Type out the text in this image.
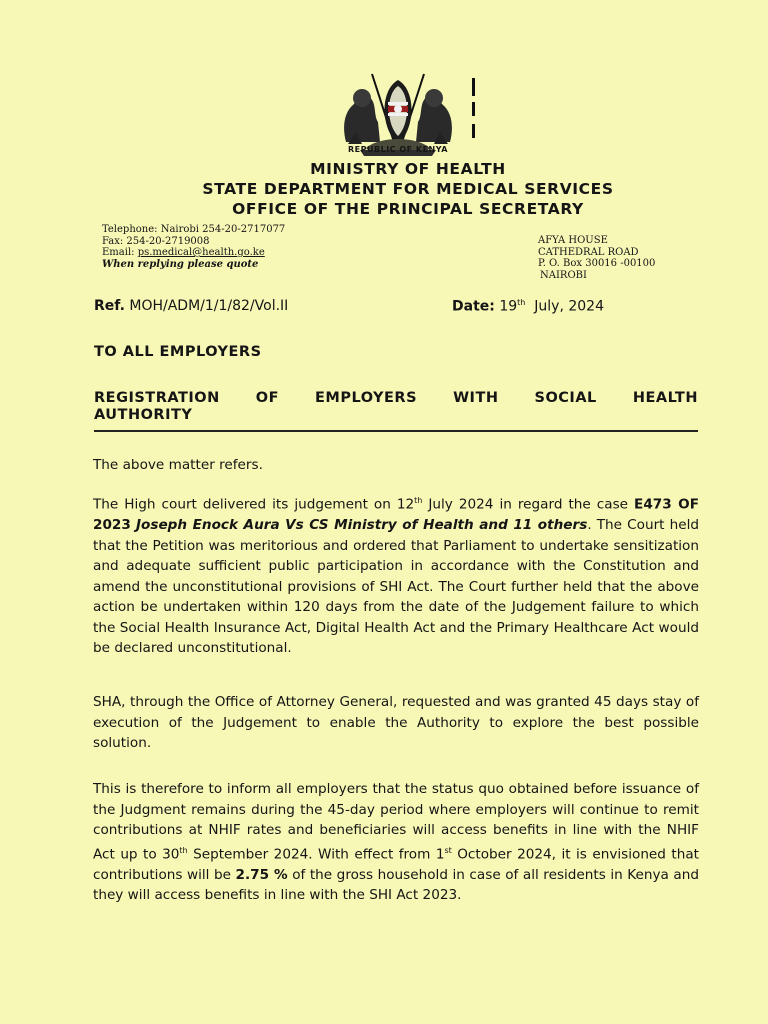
REPUBLIC OF KENYA
MINISTRY OF HEALTH
STATE DEPARTMENT FOR MEDICAL SERVICES
OFFICE OF THE PRINCIPAL SECRETARY
Telephone: Nairobi 254-20-2717077
Fax: 254-20-2719008
Email: ps.medical@health.go.ke
When replying please quote
AFYA HOUSE
CATHEDRAL ROAD
P. O. Box 30016 -00100
NAIROBI
Ref. MOH/ADM/1/1/82/Vol.II	Date: 19th July, 2024
TO ALL EMPLOYERS
REGISTRATION OF EMPLOYERS WITH SOCIAL HEALTH
AUTHORITY
The above matter refers.
The High court delivered its judgement on 12th July 2024 in regard the case E473 OF 2023 Joseph Enock Aura Vs CS Ministry of Health and 11 others. The Court held that the Petition was meritorious and ordered that Parliament to undertake sensitization and adequate sufficient public participation in accordance with the Constitution and amend the unconstitutional provisions of SHI Act. The Court further held that the above action be undertaken within 120 days from the date of the Judgement failure to which the Social Health Insurance Act, Digital Health Act and the Primary Healthcare Act would be declared unconstitutional.
SHA, through the Office of Attorney General, requested and was granted 45 days stay of execution of the Judgement to enable the Authority to explore the best possible solution.
This is therefore to inform all employers that the status quo obtained before issuance of the Judgment remains during the 45-day period where employers will continue to remit contributions at NHIF rates and beneficiaries will access benefits in line with the NHIF Act up to 30th September 2024. With effect from 1st October 2024, it is envisioned that contributions will be 2.75 % of the gross household in case of all residents in Kenya and they will access benefits in line with the SHI Act 2023.
